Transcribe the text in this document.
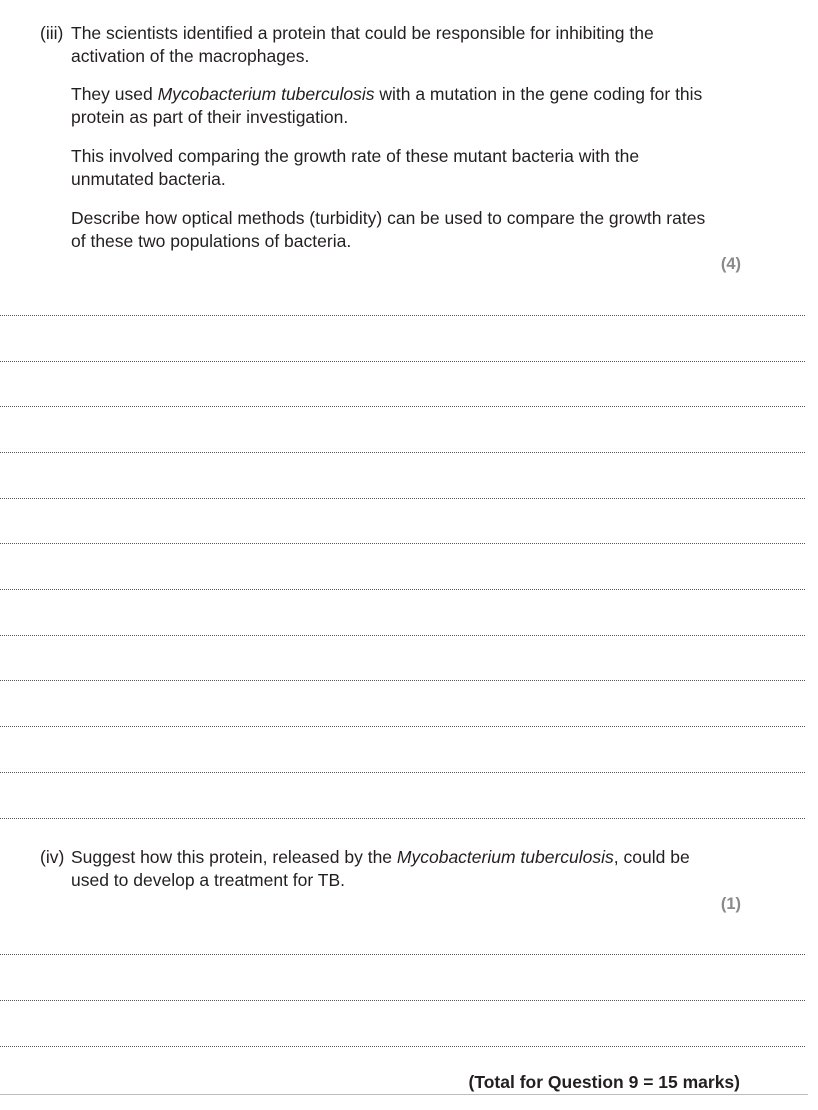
(iii) The scientists identified a protein that could be responsible for inhibiting the activation of the macrophages.
They used Mycobacterium tuberculosis with a mutation in the gene coding for this protein as part of their investigation.
This involved comparing the growth rate of these mutant bacteria with the unmutated bacteria.
Describe how optical methods (turbidity) can be used to compare the growth rates of these two populations of bacteria.
(4)
(iv) Suggest how this protein, released by the Mycobacterium tuberculosis, could be used to develop a treatment for TB.
(1)
(Total for Question 9 = 15 marks)
